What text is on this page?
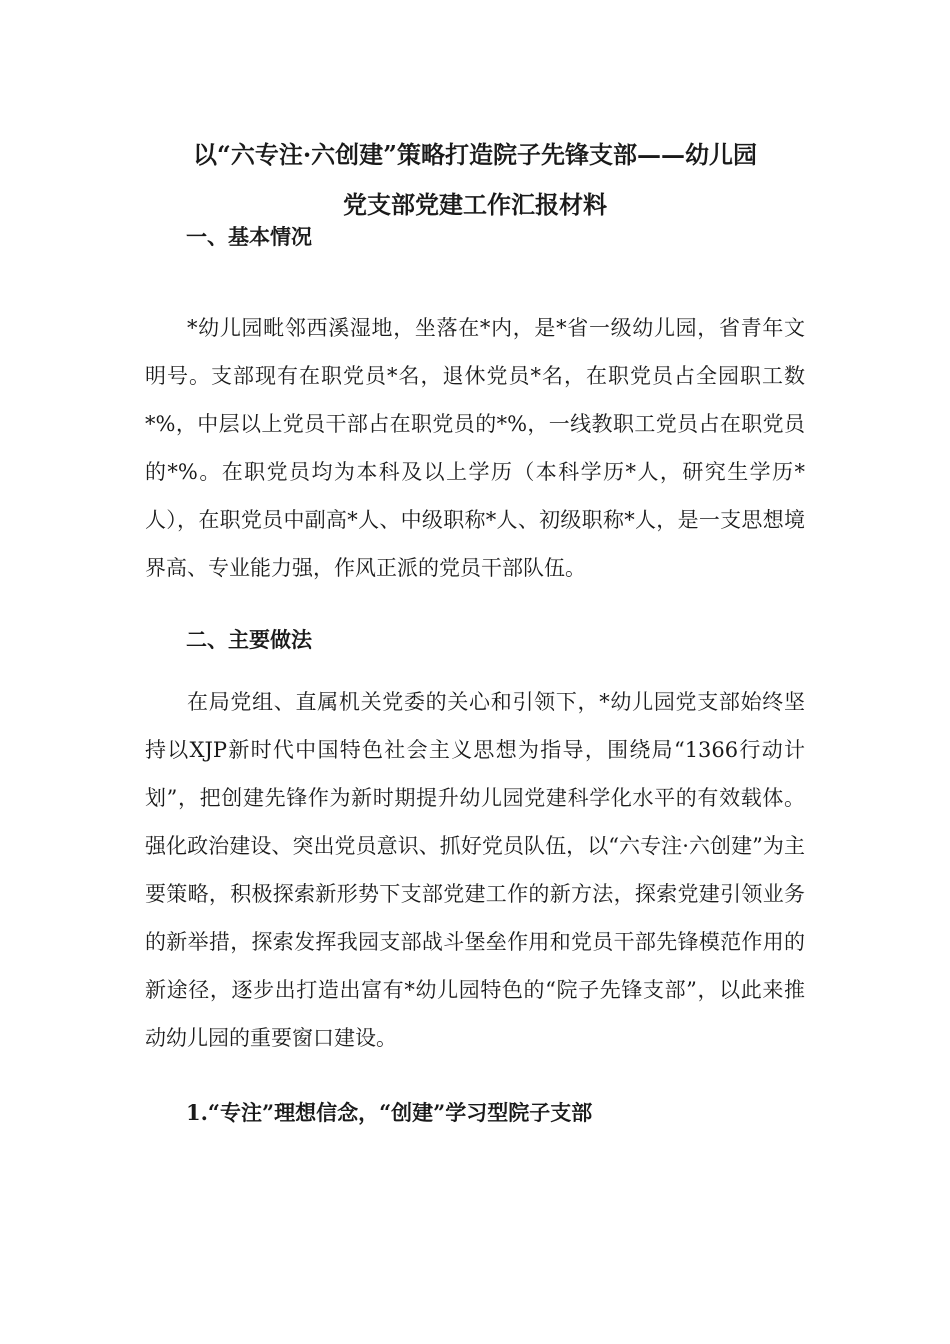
以“六专注·六创建”策略打造院子先锋支部——幼儿园
党支部党建工作汇报材料
一、基本情况

*幼儿园毗邻西溪湿地，坐落在*内，是*省一级幼儿园，省青年文明号。支部现有在职党员*名，退休党员*名，在职党员占全园职工数*%，中层以上党员干部占在职党员的*%，一线教职工党员占在职党员的*%。在职党员均为本科及以上学历（本科学历*人，研究生学历*人），在职党员中副高*人、中级职称*人、初级职称*人，是一支思想境界高、专业能力强，作风正派的党员干部队伍。

二、主要做法

在局党组、直属机关党委的关心和引领下，*幼儿园党支部始终坚持以XJP新时代中国特色社会主义思想为指导，围绕局“1366行动计划”，把创建先锋作为新时期提升幼儿园党建科学化水平的有效载体。强化政治建设、突出党员意识、抓好党员队伍，以“六专注·六创建”为主要策略，积极探索新形势下支部党建工作的新方法，探索党建引领业务的新举措，探索发挥我园支部战斗堡垒作用和党员干部先锋模范作用的新途径，逐步出打造出富有*幼儿园特色的“院子先锋支部”，以此来推动幼儿园的重要窗口建设。

1.“专注”理想信念，“创建”学习型院子支部
